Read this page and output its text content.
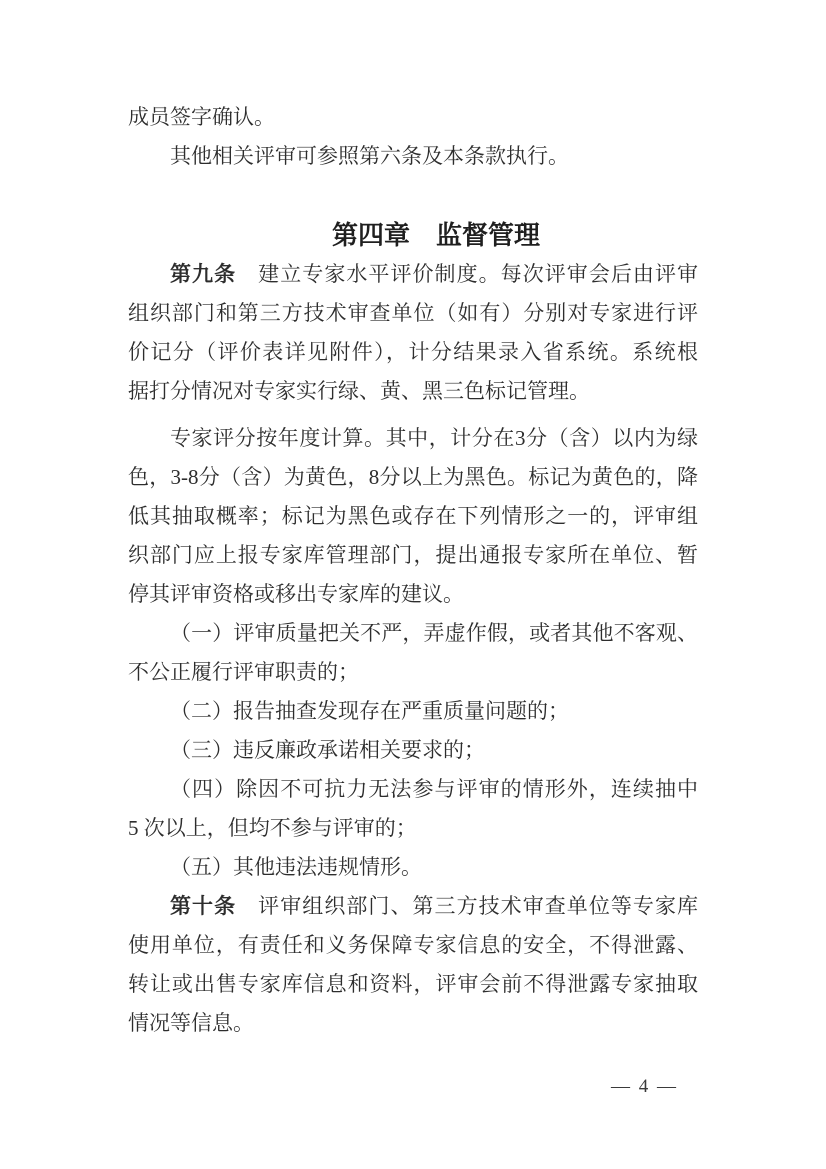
成员签字确认。
其他相关评审可参照第六条及本条款执行。
第四章　监督管理
第九条　建立专家水平评价制度。每次评审会后由评审
组织部门和第三方技术审查单位（如有）分别对专家进行评
价记分（评价表详见附件），计分结果录入省系统。系统根
据打分情况对专家实行绿、黄、黑三色标记管理。
专家评分按年度计算。其中，计分在3分（含）以内为绿
色，3-8分（含）为黄色，8分以上为黑色。标记为黄色的，降
低其抽取概率；标记为黑色或存在下列情形之一的，评审组
织部门应上报专家库管理部门，提出通报专家所在单位、暂
停其评审资格或移出专家库的建议。
（一）评审质量把关不严，弄虚作假，或者其他不客观、
不公正履行评审职责的；
（二）报告抽查发现存在严重质量问题的；
（三）违反廉政承诺相关要求的；
（四）除因不可抗力无法参与评审的情形外，连续抽中
5 次以上，但均不参与评审的；
（五）其他违法违规情形。
第十条　评审组织部门、第三方技术审查单位等专家库
使用单位，有责任和义务保障专家信息的安全，不得泄露、
转让或出售专家库信息和资料，评审会前不得泄露专家抽取
情况等信息。
— 4 —
